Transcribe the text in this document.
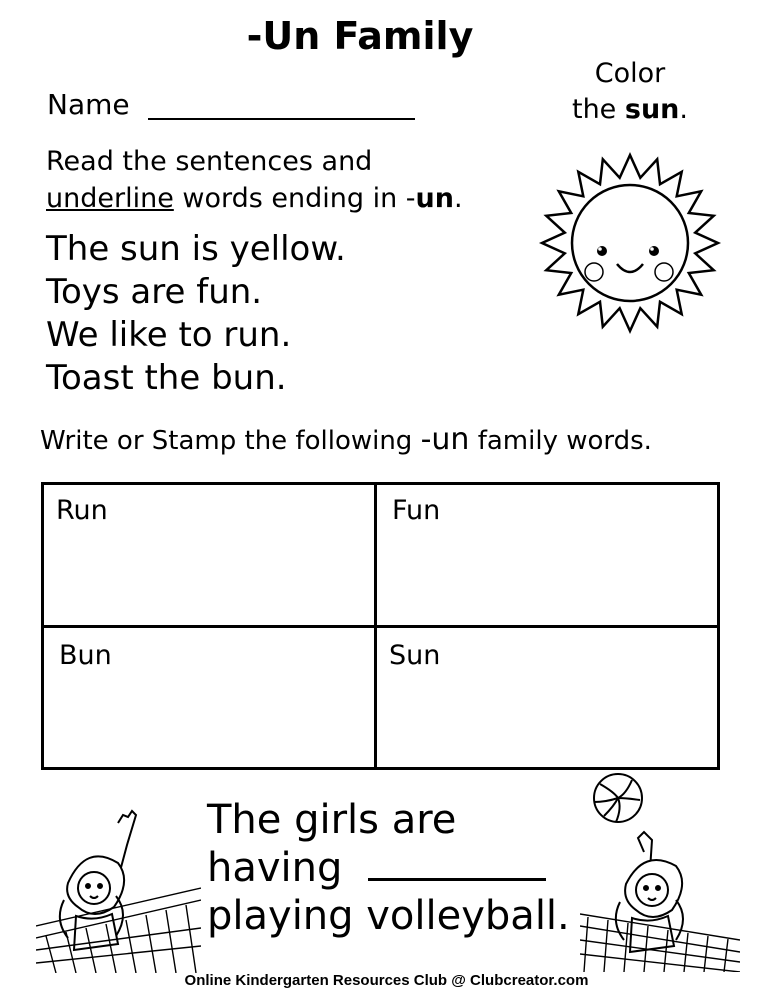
-Un Family
Name
Color
the sun.
Read the sentences and
underline words ending in -un.
The sun is yellow.
Toys are fun.
We like to run.
Toast the bun.
Write or Stamp the following -un family words.
Run	Fun
Bun	Sun
The girls are
having
playing volleyball.
Online Kindergarten Resources Club @ Clubcreator.com
